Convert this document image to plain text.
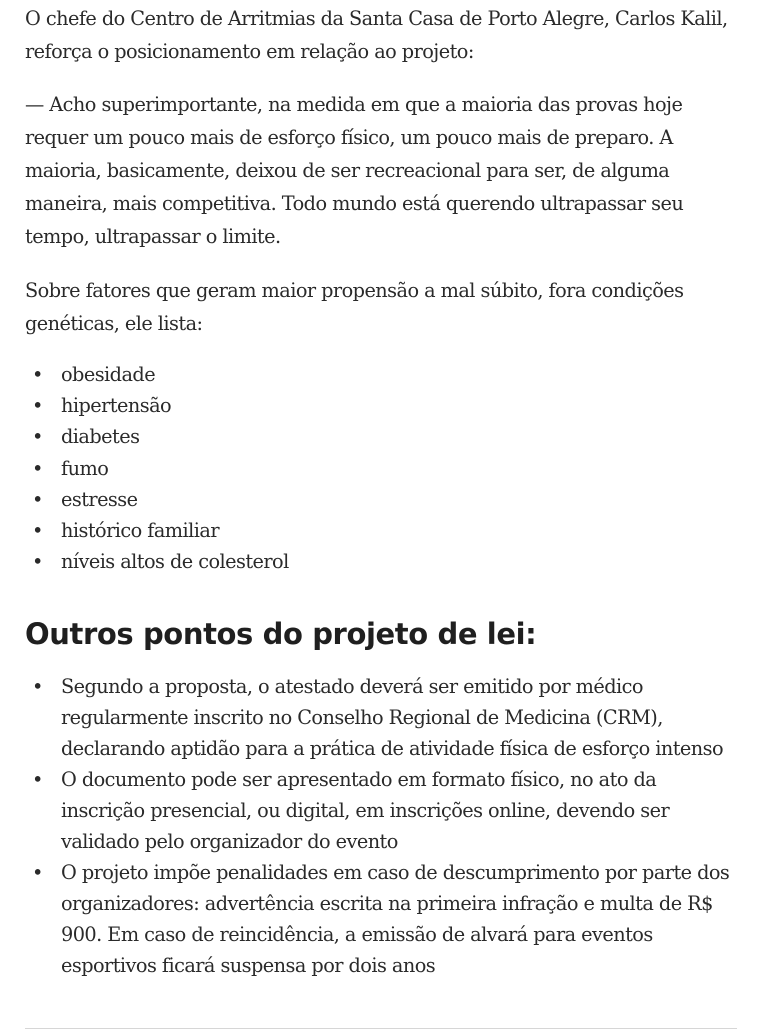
O chefe do Centro de Arritmias da Santa Casa de Porto Alegre, Carlos Kalil, reforça o posicionamento em relação ao projeto:

— Acho superimportante, na medida em que a maioria das provas hoje requer um pouco mais de esforço físico, um pouco mais de preparo. A maioria, basicamente, deixou de ser recreacional para ser, de alguma maneira, mais competitiva. Todo mundo está querendo ultrapassar seu tempo, ultrapassar o limite.

Sobre fatores que geram maior propensão a mal súbito, fora condições genéticas, ele lista:

• obesidade
• hipertensão
• diabetes
• fumo
• estresse
• histórico familiar
• níveis altos de colesterol
Outros pontos do projeto de lei:
• Segundo a proposta, o atestado deverá ser emitido por médico regularmente inscrito no Conselho Regional de Medicina (CRM), declarando aptidão para a prática de atividade física de esforço intenso
• O documento pode ser apresentado em formato físico, no ato da inscrição presencial, ou digital, em inscrições online, devendo ser validado pelo organizador do evento
• O projeto impõe penalidades em caso de descumprimento por parte dos organizadores: advertência escrita na primeira infração e multa de R$ 900. Em caso de reincidência, a emissão de alvará para eventos esportivos ficará suspensa por dois anos
